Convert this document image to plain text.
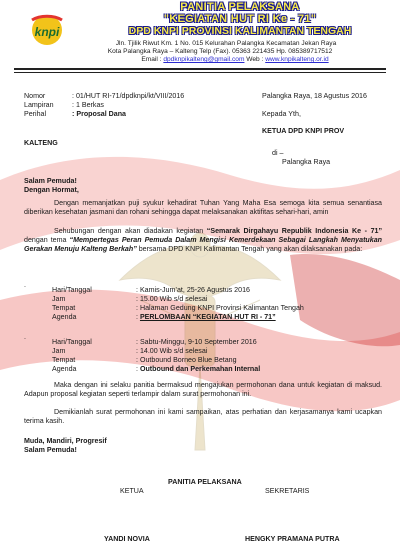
knpi
PANITIA PELAKSANA
"KEGIATAN HUT RI Ke - 71"
DPD KNPI PROVINSI KALIMANTAN TENGAH
Jln. Tjilik Riwut Km. 1 No. 015 Kelurahan Palangka Kecamatan Jekan Raya
Kota Palangka Raya – Kalteng Telp (Fax). 05363 221435 Hp. 085389717512
Email : dpdknpikalteng@gmail.com Web : www.knpikalteng.or.id
Nomor	: 01/HUT RI-71/dpdknpi/kt/VIII/2016	Palangka Raya, 18 Agustus 2016
Lampiran	: 1 Berkas
Perihal	: Proposal Dana	Kepada Yth,
KETUA DPD KNPI PROV
KALTENG
di –
Palangka Raya
Salam Pemuda!
Dengan Hormat,
Dengan memanjatkan puji syukur kehadirat Tuhan Yang Maha Esa semoga kita semua senantiasa diberikan kesehatan jasmani dan rohani sehingga dapat melaksanakan aktifitas sehari-hari, amin
Sehubungan dengan akan diadakan kegiatan “Semarak Dirgahayu Republik Indonesia Ke - 71” dengan tema “Mempertegas Peran Pemuda Dalam Mengisi Kemerdekaan Sebagai Langkah Menyatukan Gerakan Menuju Kalteng Berkah” bersama DPD KNPI Kalimantan Tengah yang akan dilaksanakan pada:
.
Hari/Tanggal	: Kamis-Jum’at, 25-26 Agustus 2016
Jam	: 15.00 Wib s/d selesai
Tempat	: Halaman Gedung KNPI Provinsi Kalimantan Tengah
Agenda	: PERLOMBAAN “KEGIATAN HUT RI - 71”
.
Hari/Tanggal	: Sabtu-Minggu, 9-10 September 2016
Jam	: 14.00 Wib s/d selesai
Tempat	: Outbound Borneo Blue Betang
Agenda	: Outbound dan Perkemahan Internal
Maka dengan ini selaku panitia bermaksud mengajukan permohonan dana untuk kegiatan di maksud. Adapun proposal kegiatan seperti terlampir dalam surat permohonan ini.
Demikianlah surat permohonan ini kami sampaikan, atas perhatian dan kerjasamanya kami ucapkan terima kasih.
Muda, Mandiri, Progresif
Salam Pemuda!
PANITIA PELAKSANA
KETUA	SEKRETARIS
YANDI NOVIA	HENGKY PRAMANA PUTRA
